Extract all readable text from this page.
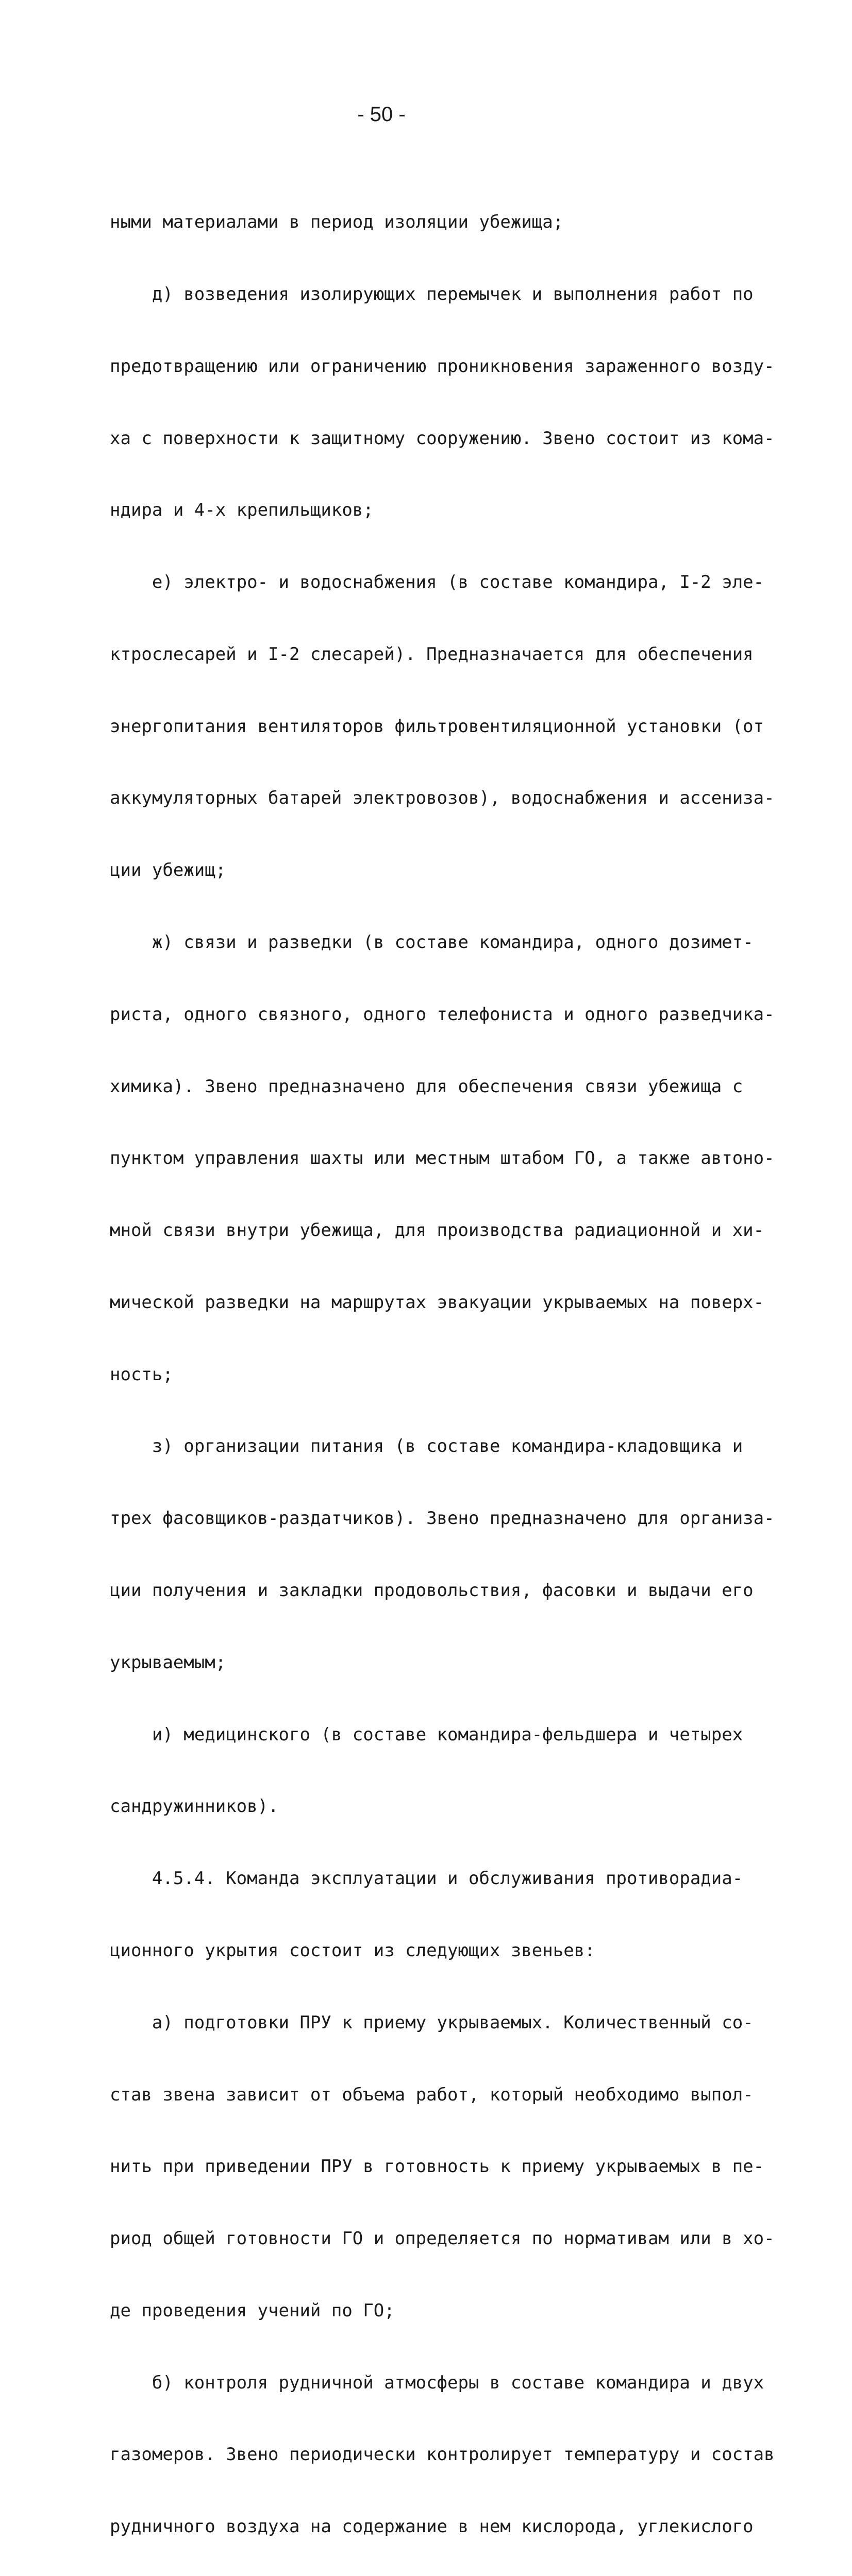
- 50 -

ными материалами в период изоляции убежища;

д) возведения изолирующих перемычек и выполнения работ по

предотвращению или ограничению проникновения зараженного возду-

ха с поверхности к защитному сооружению. Звено состоит из кома-

ндира и 4-х крепильщиков;

е) электро- и водоснабжения (в составе командира, I-2 эле-

ктрослесарей и I-2 слесарей). Предназначается для обеспечения

энергопитания вентиляторов фильтровентиляционной установки (от

аккумуляторных батарей электровозов), водоснабжения и ассениза-

ции убежищ;

ж) связи и разведки (в составе командира, одного дозимет-

риста, одного связного, одного телефониста и одного разведчика-

химика). Звено предназначено для обеспечения связи убежища с

пунктом управления шахты или местным штабом ГО, а также автоно-

мной связи внутри убежища, для производства радиационной и хи-

мической разведки на маршрутах эвакуации укрываемых на поверх-

ность;

з) организации питания (в составе командира-кладовщика и

трех фасовщиков-раздатчиков). Звено предназначено для организа-

ции получения и закладки продовольствия, фасовки и выдачи его

укрываемым;

и) медицинского (в составе командира-фельдшера и четырех

сандружинников).

4.5.4. Команда эксплуатации и обслуживания противорадиа-

ционного укрытия состоит из следующих звеньев:

а) подготовки ПРУ к приему укрываемых. Количественный со-

став звена зависит от объема работ, который необходимо выпол-

нить при приведении ПРУ в готовность к приему укрываемых в пе-

риод общей готовности ГО и определяется по нормативам или в хо-

де проведения учений по ГО;

б) контроля рудничной атмосферы в составе командира и двух

газомеров. Звено периодически контролирует температуру и состав

рудничного воздуха на содержание в нем кислорода, углекислого
